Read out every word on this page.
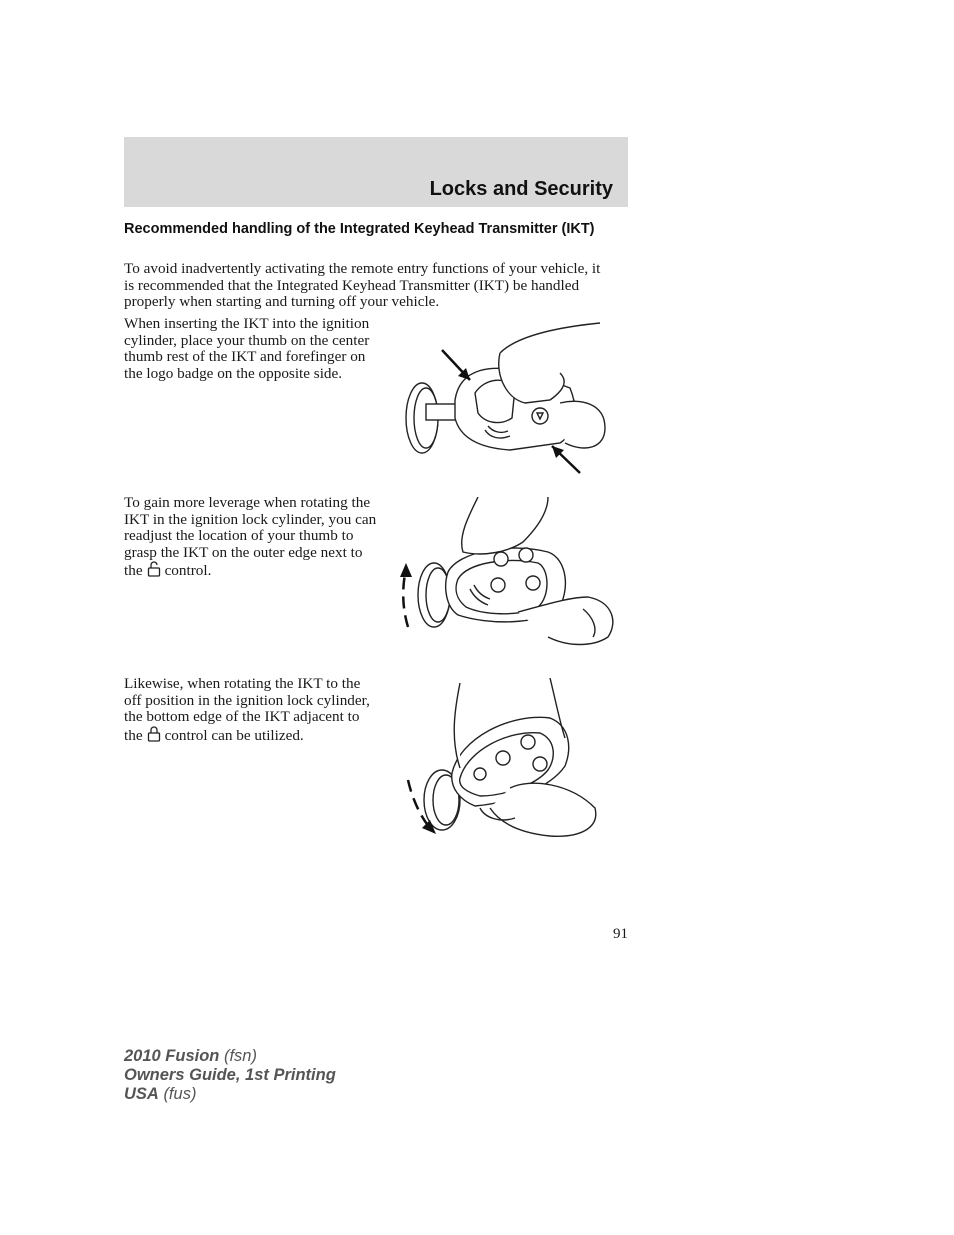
Locks and Security
Recommended handling of the Integrated Keyhead Transmitter (IKT)

To avoid inadvertently activating the remote entry functions of your vehicle, it is recommended that the Integrated Keyhead Transmitter (IKT) be handled properly when starting and turning off your vehicle.

When inserting the IKT into the ignition cylinder, place your thumb on the center thumb rest of the IKT and forefinger on the logo badge on the opposite side.

To gain more leverage when rotating the IKT in the ignition lock cylinder, you can readjust the location of your thumb to grasp the IKT on the outer edge next to the control.

Likewise, when rotating the IKT to the off position in the ignition lock cylinder, the bottom edge of the IKT adjacent to the control can be utilized.

91
2010 Fusion (fsn)
Owners Guide, 1st Printing
USA (fus)
